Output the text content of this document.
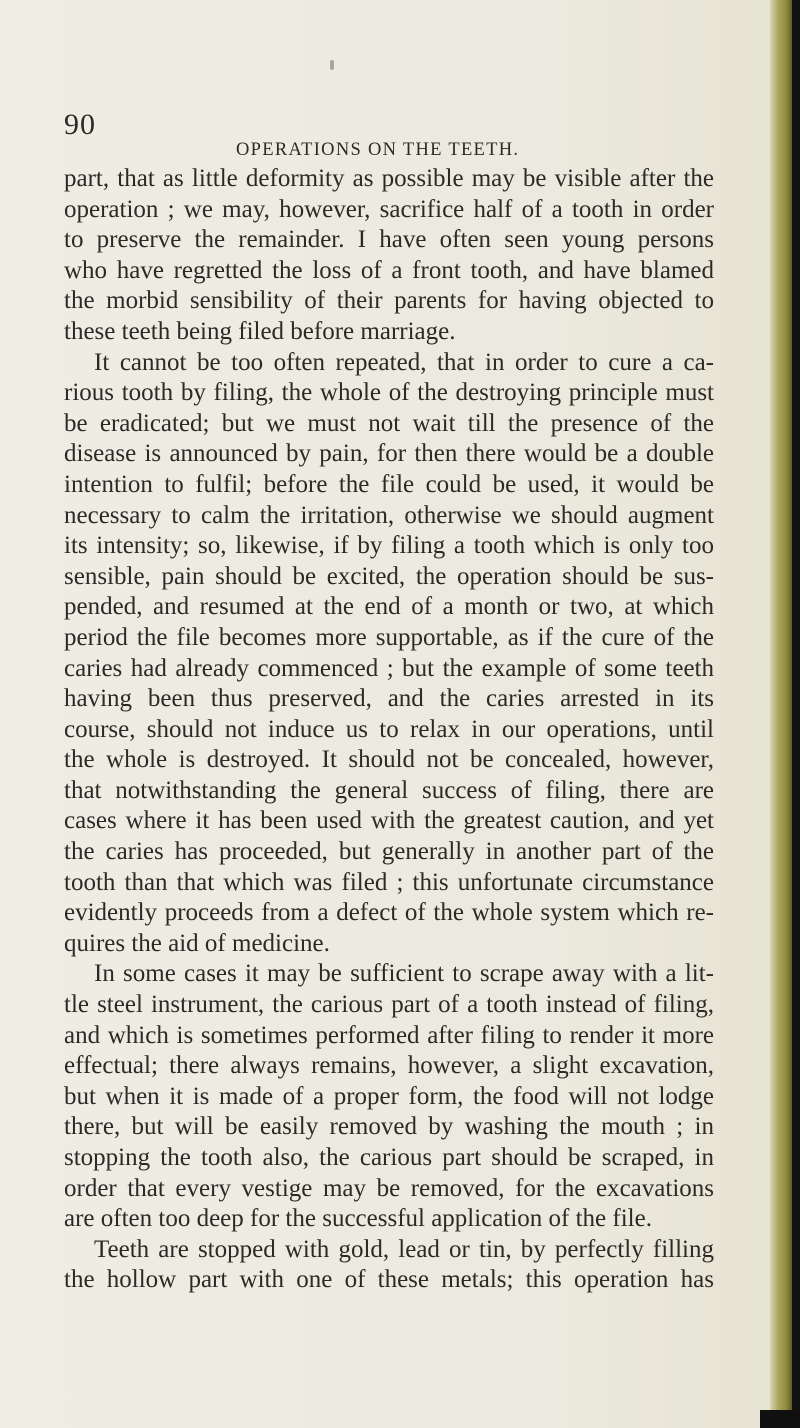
90
OPERATIONS ON THE TEETH.
part, that as little deformity as possible may be visible after the
operation ; we may, however, sacrifice half of a tooth in order
to preserve the remainder. I have often seen young persons
who have regretted the loss of a front tooth, and have blamed
the morbid sensibility of their parents for having objected to
these teeth being filed before marriage.
It cannot be too often repeated, that in order to cure a ca-
rious tooth by filing, the whole of the destroying principle must
be eradicated; but we must not wait till the presence of the
disease is announced by pain, for then there would be a double
intention to fulfil; before the file could be used, it would be
necessary to calm the irritation, otherwise we should augment
its intensity; so, likewise, if by filing a tooth which is only too
sensible, pain should be excited, the operation should be sus-
pended, and resumed at the end of a month or two, at which
period the file becomes more supportable, as if the cure of the
caries had already commenced ; but the example of some teeth
having been thus preserved, and the caries arrested in its
course, should not induce us to relax in our operations, until
the whole is destroyed. It should not be concealed, however,
that notwithstanding the general success of filing, there are
cases where it has been used with the greatest caution, and yet
the caries has proceeded, but generally in another part of the
tooth than that which was filed ; this unfortunate circumstance
evidently proceeds from a defect of the whole system which re-
quires the aid of medicine.
In some cases it may be sufficient to scrape away with a lit-
tle steel instrument, the carious part of a tooth instead of filing,
and which is sometimes performed after filing to render it more
effectual; there always remains, however, a slight excavation,
but when it is made of a proper form, the food will not lodge
there, but will be easily removed by washing the mouth ; in
stopping the tooth also, the carious part should be scraped, in
order that every vestige may be removed, for the excavations
are often too deep for the successful application of the file.
Teeth are stopped with gold, lead or tin, by perfectly filling
the hollow part with one of these metals; this operation has
